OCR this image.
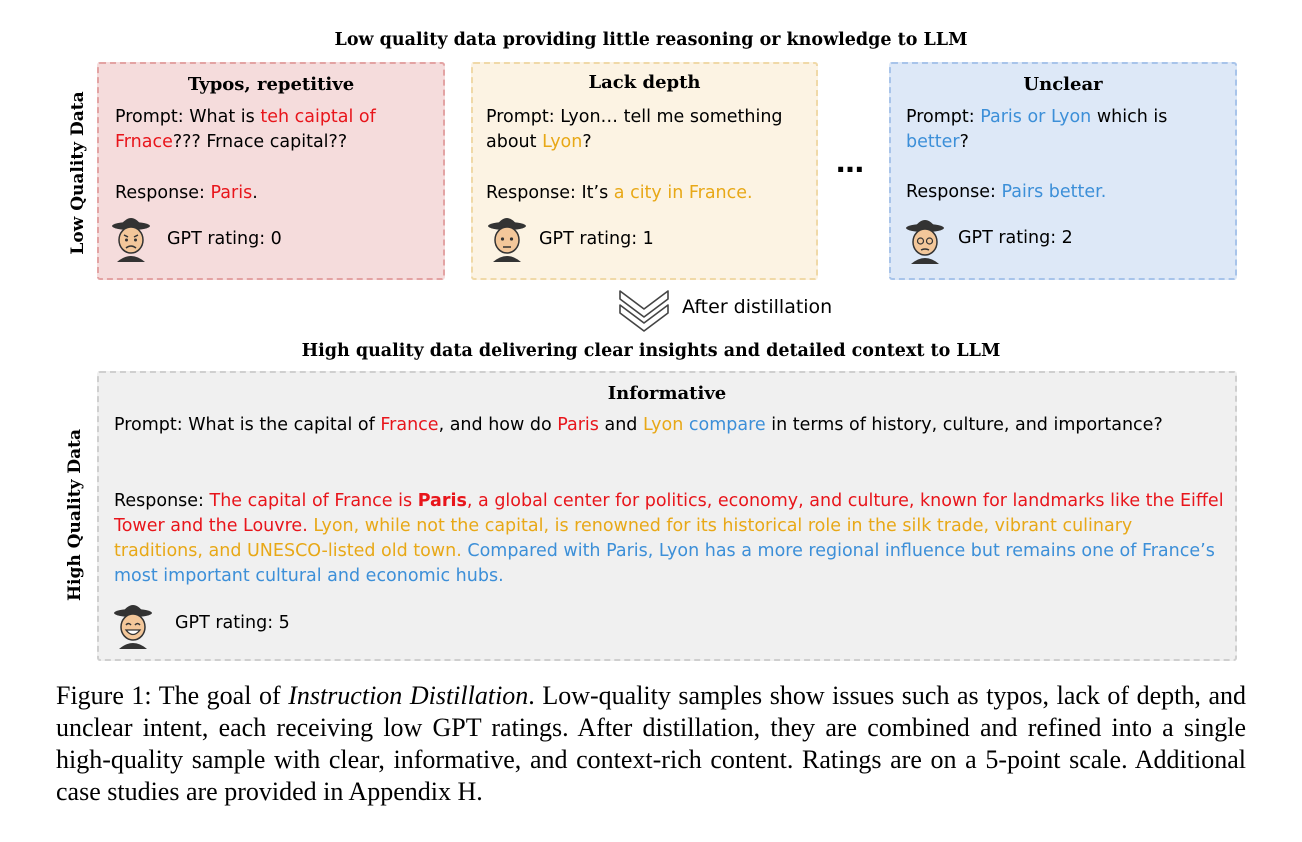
Low quality data providing little reasoning or knowledge to LLM
Low Quality Data
Typos, repetitive
Prompt: What is teh caiptal of Frnace??? Frnace capital??
Response: Paris.
GPT rating: 0
Lack depth
Prompt: Lyon… tell me something about Lyon?
Response: It’s a city in France.
GPT rating: 1
…
Unclear
Prompt: Paris or Lyon which is better?
Response: Pairs better.
GPT rating: 2
After distillation
High quality data delivering clear insights and detailed context to LLM
High Quality Data
Informative
Prompt: What is the capital of France, and how do Paris and Lyon compare in terms of history, culture, and importance?
Response: The capital of France is Paris, a global center for politics, economy, and culture, known for landmarks like the Eiffel Tower and the Louvre. Lyon, while not the capital, is renowned for its historical role in the silk trade, vibrant culinary traditions, and UNESCO-listed old town. Compared with Paris, Lyon has a more regional influence but remains one of France’s most important cultural and economic hubs.
GPT rating: 5
Figure 1: The goal of Instruction Distillation. Low-quality samples show issues such as typos, lack of depth, and unclear intent, each receiving low GPT ratings. After distillation, they are combined and refined into a single high-quality sample with clear, informative, and context-rich content. Ratings are on a 5-point scale. Additional case studies are provided in Appendix H.
